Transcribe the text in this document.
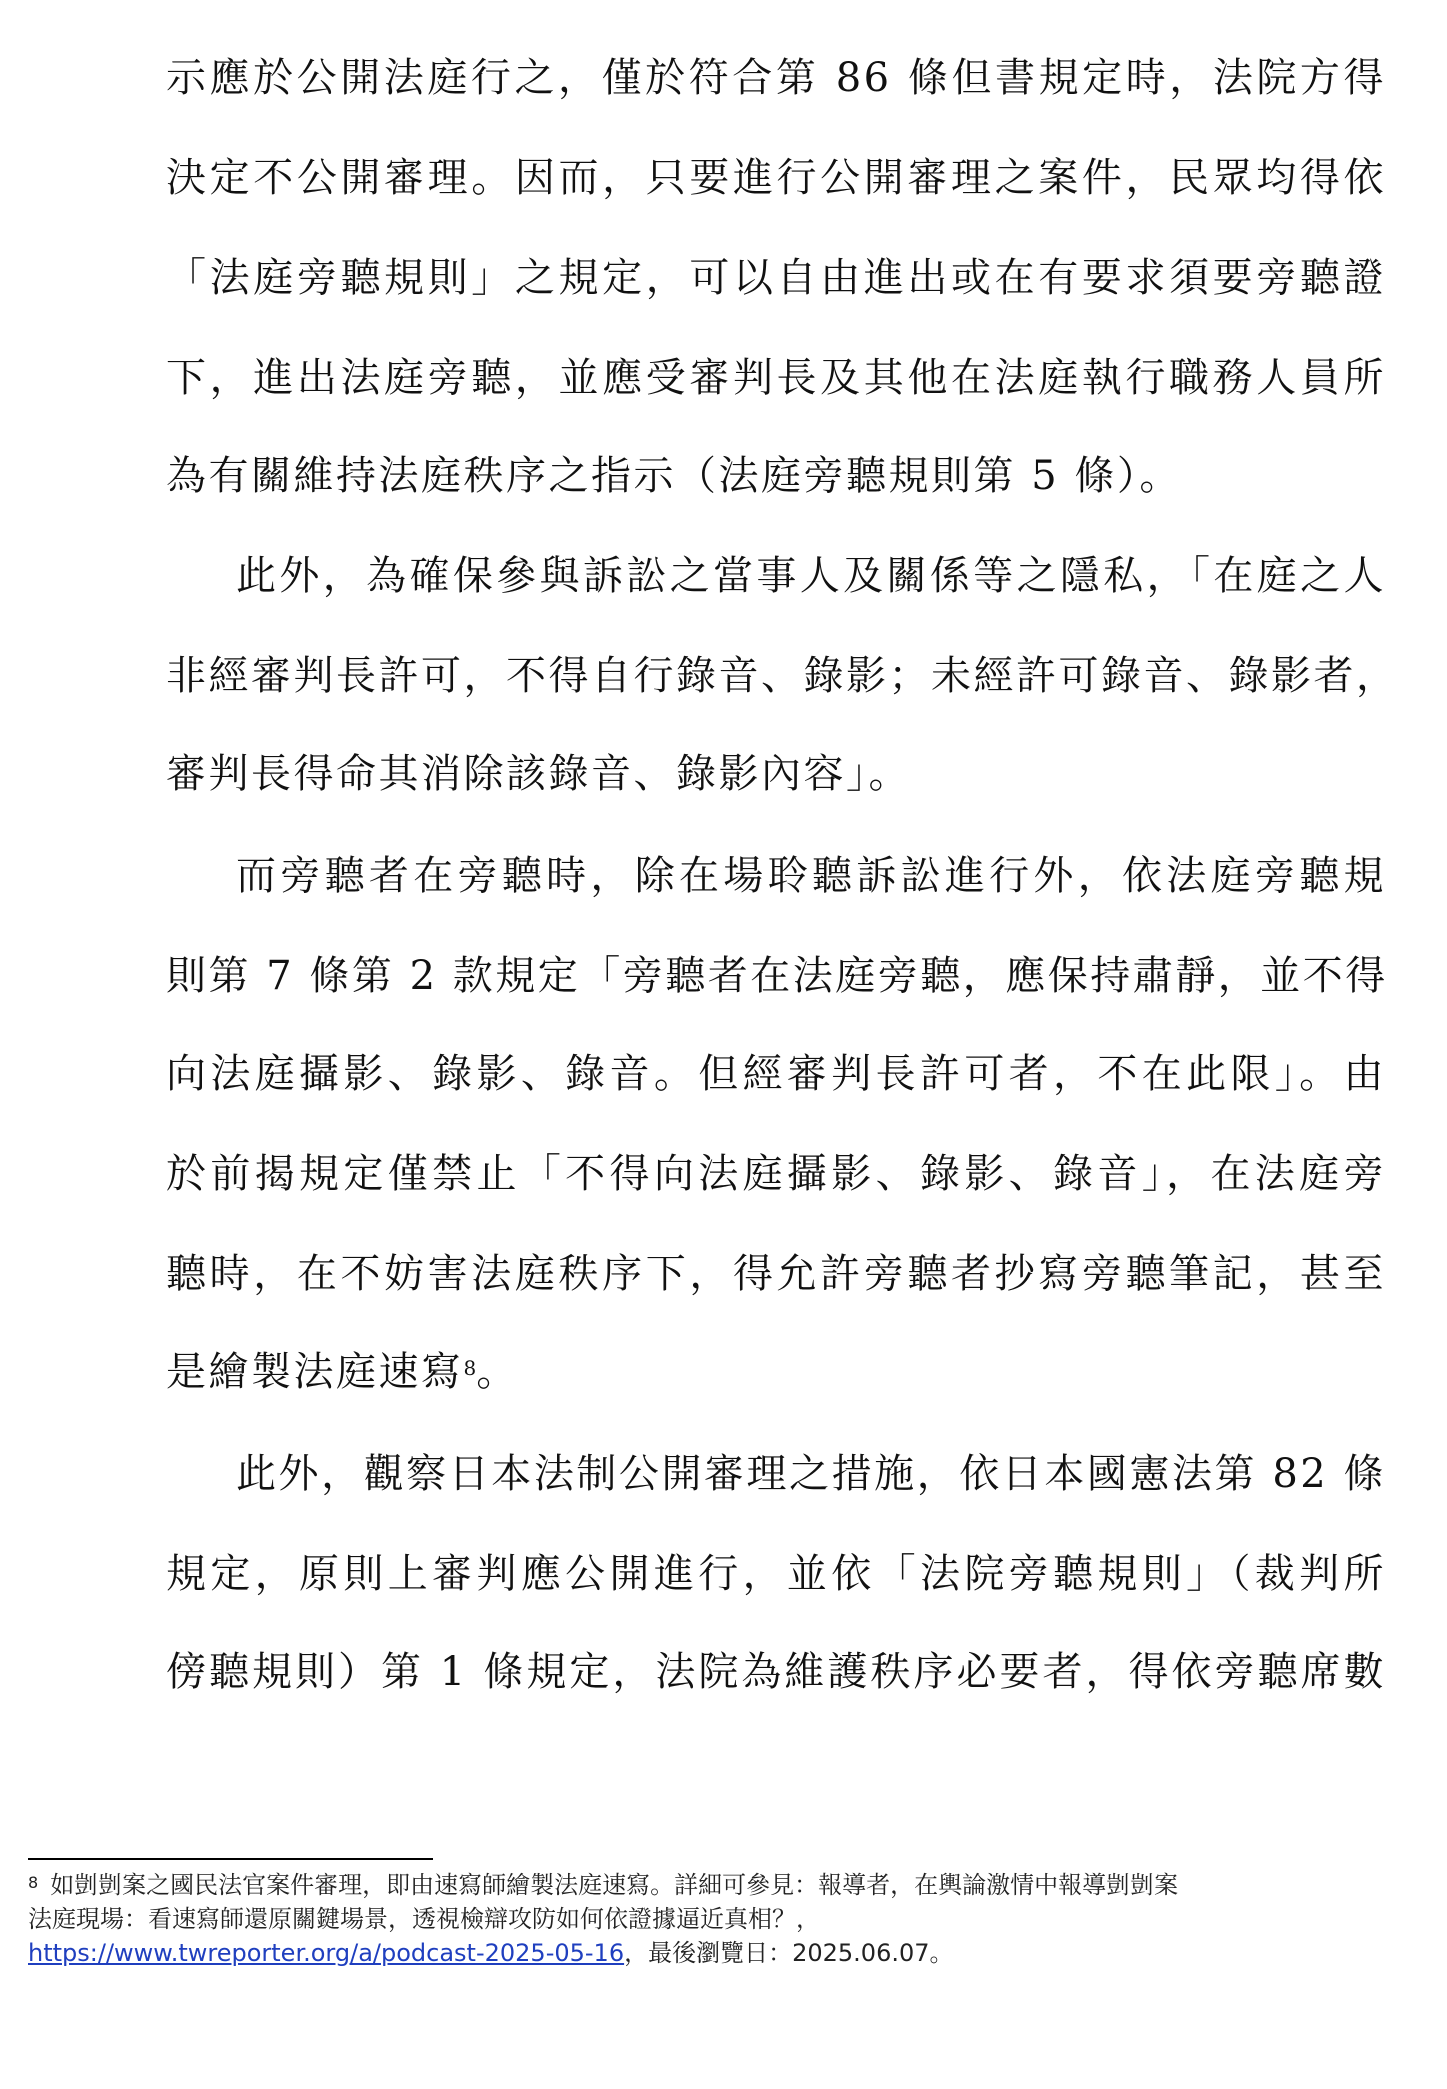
示應於公開法庭行之，僅於符合第 86 條但書規定時，法院方得
決定不公開審理。因而，只要進行公開審理之案件，民眾均得依
「法庭旁聽規則」之規定，可以自由進出或在有要求須要旁聽證
下，進出法庭旁聽，並應受審判長及其他在法庭執行職務人員所
為有關維持法庭秩序之指示（法庭旁聽規則第 5 條）。
此外，為確保參與訴訟之當事人及關係等之隱私，「在庭之人
非經審判長許可，不得自行錄音、錄影；未經許可錄音、錄影者，
審判長得命其消除該錄音、錄影內容」。
而旁聽者在旁聽時，除在場聆聽訴訟進行外，依法庭旁聽規
則第 7 條第 2 款規定「旁聽者在法庭旁聽，應保持肅靜，並不得
向法庭攝影、錄影、錄音。但經審判長許可者，不在此限」。由
於前揭規定僅禁止「不得向法庭攝影、錄影、錄音」，在法庭旁
聽時，在不妨害法庭秩序下，得允許旁聽者抄寫旁聽筆記，甚至
是繪製法庭速寫$^8$。
此外，觀察日本法制公開審理之措施，依日本國憲法第 82 條
規定，原則上審判應公開進行，並依「法院旁聽規則」（裁判所
傍聽規則）第 1 條規定，法院為維護秩序必要者，得依旁聽席數
$^8$ 如剴剴案之國民法官案件審理，即由速寫師繪製法庭速寫。詳細可參見：報導者，在輿論激情中報導剴剴案
法庭現場：看速寫師還原關鍵場景，透視檢辯攻防如何依證據逼近真相？，
https://www.twreporter.org/a/podcast-2025-05-16，最後瀏覽日：2025.06.07。
